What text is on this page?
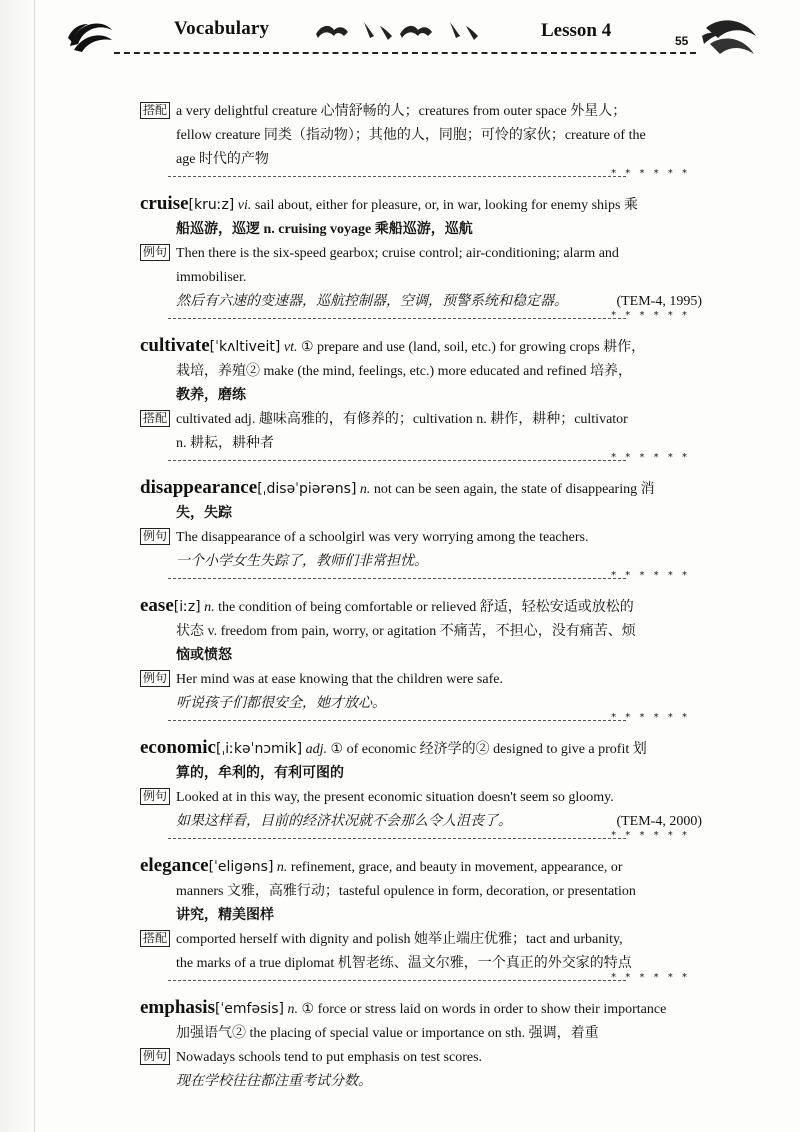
Vocabulary	Lesson 4	55
搭配 a very delightful creature 心情舒畅的人；creatures from outer space 外星人；
fellow creature 同类（指动物）；其他的人，同胞；可怜的家伙；creature of the
age 时代的产物
* * * * * *
cruise[kruːz] vi. sail about, either for pleasure, or, in war, looking for enemy ships 乘
船巡游，巡逻 n. cruising voyage 乘船巡游，巡航
例句 Then there is the six-speed gearbox; cruise control; air-conditioning; alarm and
immobiliser.
然后有六速的变速器，巡航控制器，空调，预警系统和稳定器。	(TEM-4, 1995)
* * * * * *
cultivate[ˈkʌltiveit] vt. ① prepare and use (land, soil, etc.) for growing crops 耕作，
栽培，养殖② make (the mind, feelings, etc.) more educated and refined 培养，
教养，磨练
搭配 cultivated adj. 趣味高雅的，有修养的；cultivation n. 耕作，耕种；cultivator
n. 耕耘，耕种者
* * * * * *
disappearance[ˌdisəˈpiərəns] n. not can be seen again, the state of disappearing 消
失，失踪
例句 The disappearance of a schoolgirl was very worrying among the teachers.
一个小学女生失踪了，教师们非常担忧。
* * * * * *
ease[iːz] n. the condition of being comfortable or relieved 舒适，轻松安适或放松的
状态 v. freedom from pain, worry, or agitation 不痛苦，不担心，没有痛苦、烦
恼或愤怒
例句 Her mind was at ease knowing that the children were safe.
听说孩子们都很安全，她才放心。
* * * * * *
economic[ˌiːkəˈnɔmik] adj. ① of economic 经济学的② designed to give a profit 划
算的，牟利的，有利可图的
例句 Looked at in this way, the present economic situation doesn't seem so gloomy.
如果这样看，目前的经济状况就不会那么令人沮丧了。	(TEM-4, 2000)
* * * * * *
elegance[ˈeligəns] n. refinement, grace, and beauty in movement, appearance, or
manners 文雅，高雅行动；tasteful opulence in form, decoration, or presentation
讲究，精美图样
搭配 comported herself with dignity and polish 她举止端庄优雅；tact and urbanity,
the marks of a true diplomat 机智老练、温文尔雅，一个真正的外交家的特点
* * * * * *
emphasis[ˈemfəsis] n. ① force or stress laid on words in order to show their importance
加强语气② the placing of special value or importance on sth. 强调，着重
例句 Nowadays schools tend to put emphasis on test scores.
现在学校往往都注重考试分数。
